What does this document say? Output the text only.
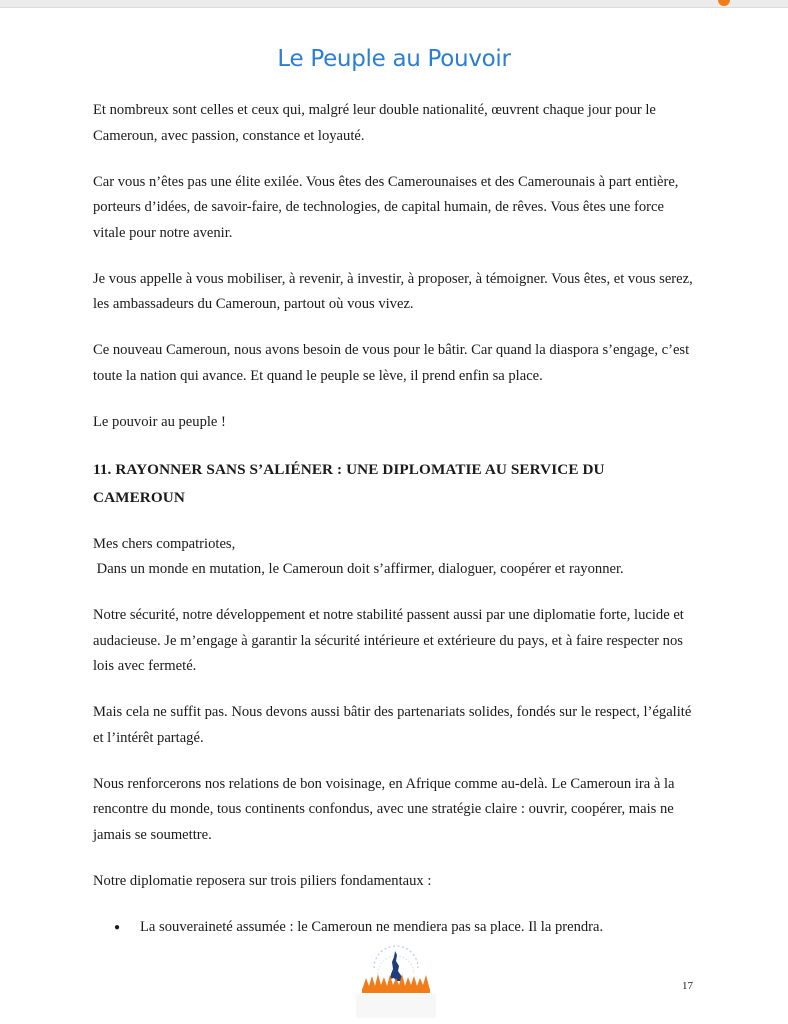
Le Peuple au Pouvoir

Et nombreux sont celles et ceux qui, malgré leur double nationalité, œuvrent chaque jour pour le Cameroun, avec passion, constance et loyauté.

Car vous n’êtes pas une élite exilée. Vous êtes des Camerounaises et des Camerounais à part entière, porteurs d’idées, de savoir-faire, de technologies, de capital humain, de rêves. Vous êtes une force vitale pour notre avenir.

Je vous appelle à vous mobiliser, à revenir, à investir, à proposer, à témoigner. Vous êtes, et vous serez, les ambassadeurs du Cameroun, partout où vous vivez.

Ce nouveau Cameroun, nous avons besoin de vous pour le bâtir. Car quand la diaspora s’engage, c’est toute la nation qui avance. Et quand le peuple se lève, il prend enfin sa place.

Le pouvoir au peuple !

11. RAYONNER SANS S’ALIÉNER : UNE DIPLOMATIE AU SERVICE DU CAMEROUN

Mes chers compatriotes,
Dans un monde en mutation, le Cameroun doit s’affirmer, dialoguer, coopérer et rayonner.

Notre sécurité, notre développement et notre stabilité passent aussi par une diplomatie forte, lucide et audacieuse. Je m’engage à garantir la sécurité intérieure et extérieure du pays, et à faire respecter nos lois avec fermeté.

Mais cela ne suffit pas. Nous devons aussi bâtir des partenariats solides, fondés sur le respect, l’égalité et l’intérêt partagé.

Nous renforcerons nos relations de bon voisinage, en Afrique comme au-delà. Le Cameroun ira à la rencontre du monde, tous continents confondus, avec une stratégie claire : ouvrir, coopérer, mais ne jamais se soumettre.

Notre diplomatie reposera sur trois piliers fondamentaux :

● La souveraineté assumée : le Cameroun ne mendiera pas sa place. Il la prendra.
17
